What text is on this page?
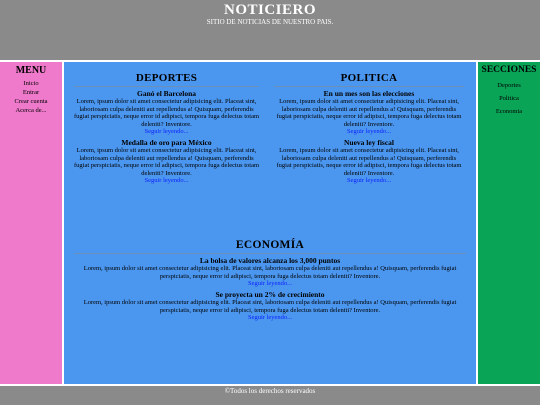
NOTICIERO
SITIO DE NOTICIAS DE NUESTRO PAIS.
MENU
Inicio
Entrar
Crear cuenta
Acerca de...
DEPORTES
Ganó el Barcelona

Lorem, ipsum dolor sit amet consectetur adipisicing elit. Placeat sint, laboriosam culpa deleniti aut repellendus a! Quisquam, perferendis fugiat perspiciatis, neque error id adipisci, tempora fuga delectus totam deleniti? Inventore.

Seguir leyendo...
Medalla de oro para México

Lorem, ipsum dolor sit amet consectetur adipisicing elit. Placeat sint, laboriosam culpa deleniti aut repellendus a! Quisquam, perferendis fugiat perspiciatis, neque error id adipisci, tempora fuga delectus totam deleniti? Inventore.

Seguir leyendo...
POLITICA
En un mes son las elecciones

Lorem, ipsum dolor sit amet consectetur adipisicing elit. Placeat sint, laboriosam culpa deleniti aut repellendus a! Quisquam, perferendis fugiat perspiciatis, neque error id adipisci, tempora fuga delectus totam deleniti? Inventore.

Seguir leyendo...
Nueva ley fiscal

Lorem, ipsum dolor sit amet consectetur adipisicing elit. Placeat sint, laboriosam culpa deleniti aut repellendus a! Quisquam, perferendis fugiat perspiciatis, neque error id adipisci, tempora fuga delectus totam deleniti? Inventore.

Seguir leyendo...
ECONOMÍA
La bolsa de valores alcanza los 3,000 puntos

Lorem, ipsum dolor sit amet consectetur adipisicing elit. Placeat sint, laboriosam culpa deleniti aut repellendus a! Quisquam, perferendis fugiat perspiciatis, neque error id adipisci, tempora fuga delectus totam deleniti? Inventore.

Seguir leyendo...
Se proyecta un 2% de crecimiento

Lorem, ipsum dolor sit amet consectetur adipisicing elit. Placeat sint, laboriosam culpa deleniti aut repellendus a! Quisquam, perferendis fugiat perspiciatis, neque error id adipisci, tempora fuga delectus totam deleniti? Inventore.

Seguir leyendo...
SECCIONES
Deportes
Politica
Economia
©Todos los derechos reservados
